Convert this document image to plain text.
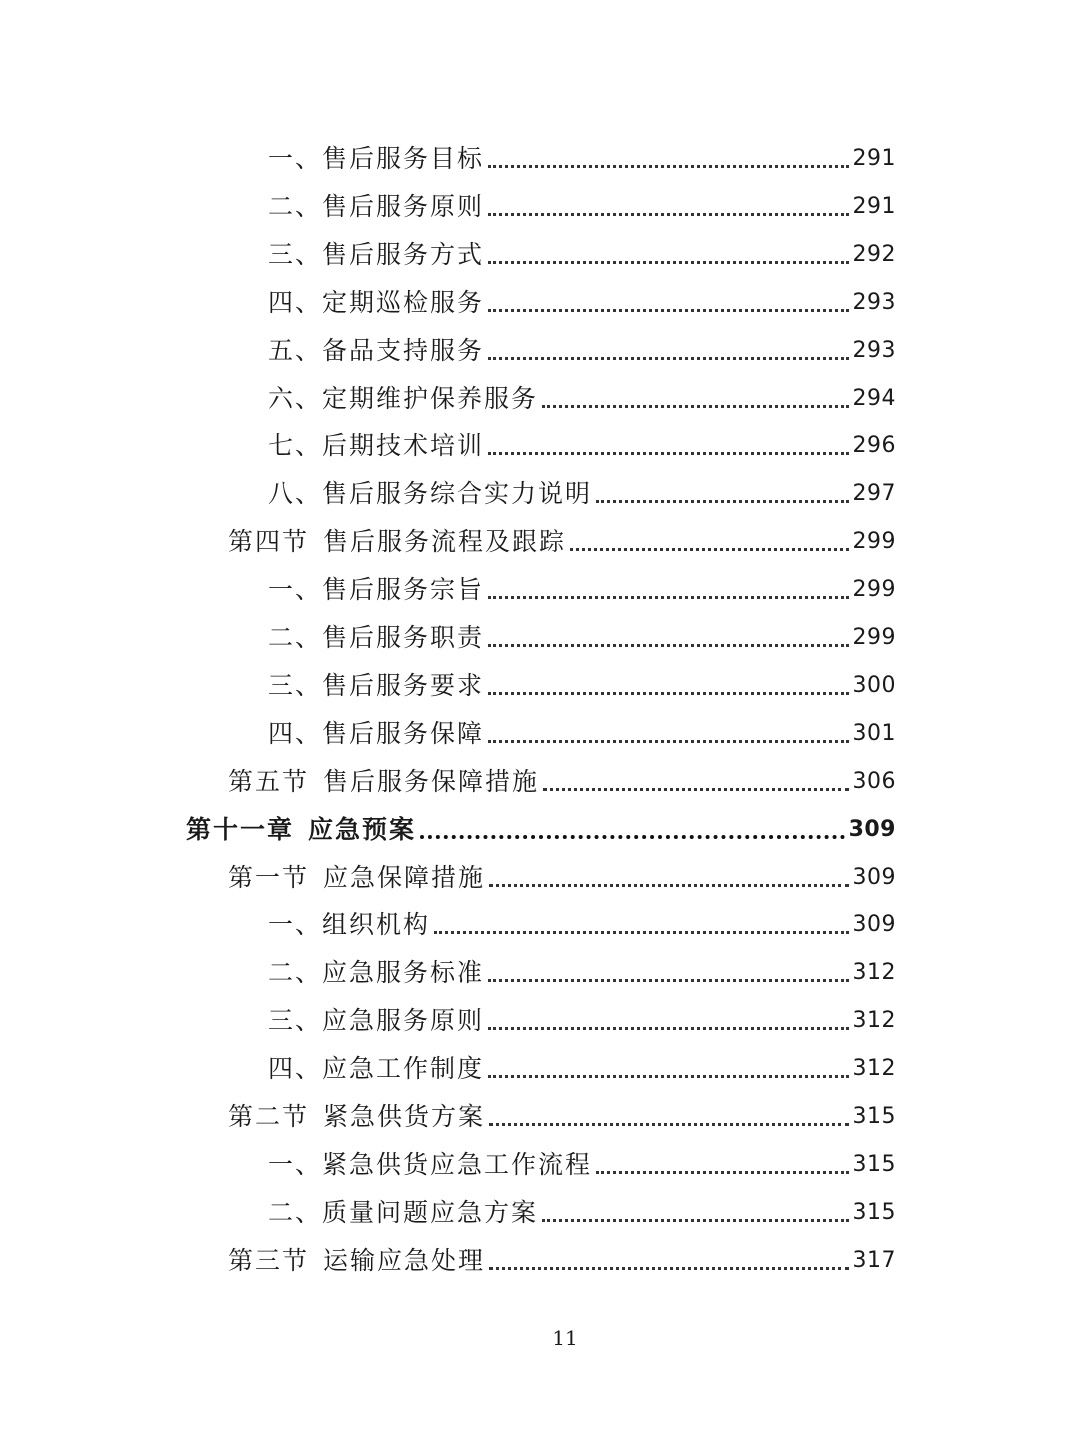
一、售后服务目标	291
二、售后服务原则	291
三、售后服务方式	292
四、定期巡检服务	293
五、备品支持服务	293
六、定期维护保养服务	294
七、后期技术培训	296
八、售后服务综合实力说明	297
第四节 售后服务流程及跟踪	299
一、售后服务宗旨	299
二、售后服务职责	299
三、售后服务要求	300
四、售后服务保障	301
第五节 售后服务保障措施	306
第十一章 应急预案	309
第一节 应急保障措施	309
一、组织机构	309
二、应急服务标准	312
三、应急服务原则	312
四、应急工作制度	312
第二节 紧急供货方案	315
一、紧急供货应急工作流程	315
二、质量问题应急方案	315
第三节 运输应急处理	317
11
